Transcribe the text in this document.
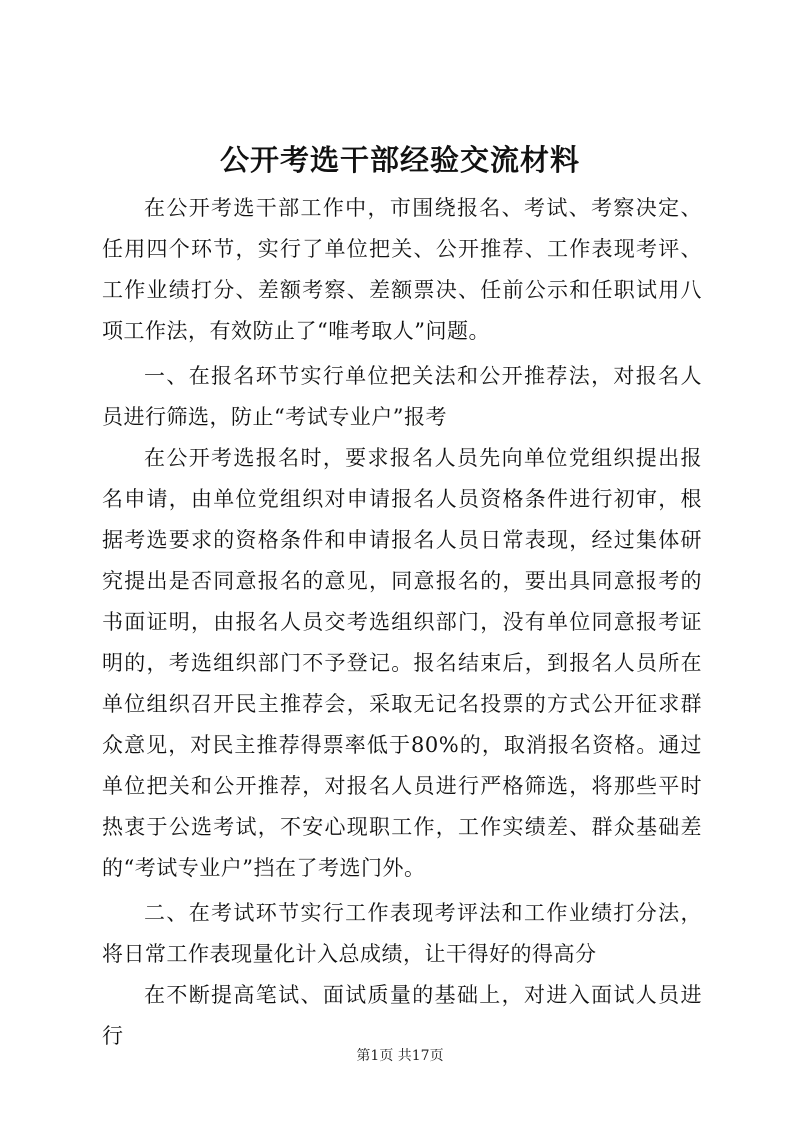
公开考选干部经验交流材料

在公开考选干部工作中，市围绕报名、考试、考察决定、任用四个环节，实行了单位把关、公开推荐、工作表现考评、工作业绩打分、差额考察、差额票决、任前公示和任职试用八项工作法，有效防止了“唯考取人”问题。

一、在报名环节实行单位把关法和公开推荐法，对报名人员进行筛选，防止“考试专业户”报考

在公开考选报名时，要求报名人员先向单位党组织提出报名申请，由单位党组织对申请报名人员资格条件进行初审，根据考选要求的资格条件和申请报名人员日常表现，经过集体研究提出是否同意报名的意见，同意报名的，要出具同意报考的书面证明，由报名人员交考选组织部门，没有单位同意报考证明的，考选组织部门不予登记。报名结束后，到报名人员所在单位组织召开民主推荐会，采取无记名投票的方式公开征求群众意见，对民主推荐得票率低于80%的，取消报名资格。通过单位把关和公开推荐，对报名人员进行严格筛选，将那些平时热衷于公选考试，不安心现职工作，工作实绩差、群众基础差的“考试专业户”挡在了考选门外。

二、在考试环节实行工作表现考评法和工作业绩打分法，将日常工作表现量化计入总成绩，让干得好的得高分

在不断提高笔试、面试质量的基础上，对进入面试人员进行

第1页 共17页
